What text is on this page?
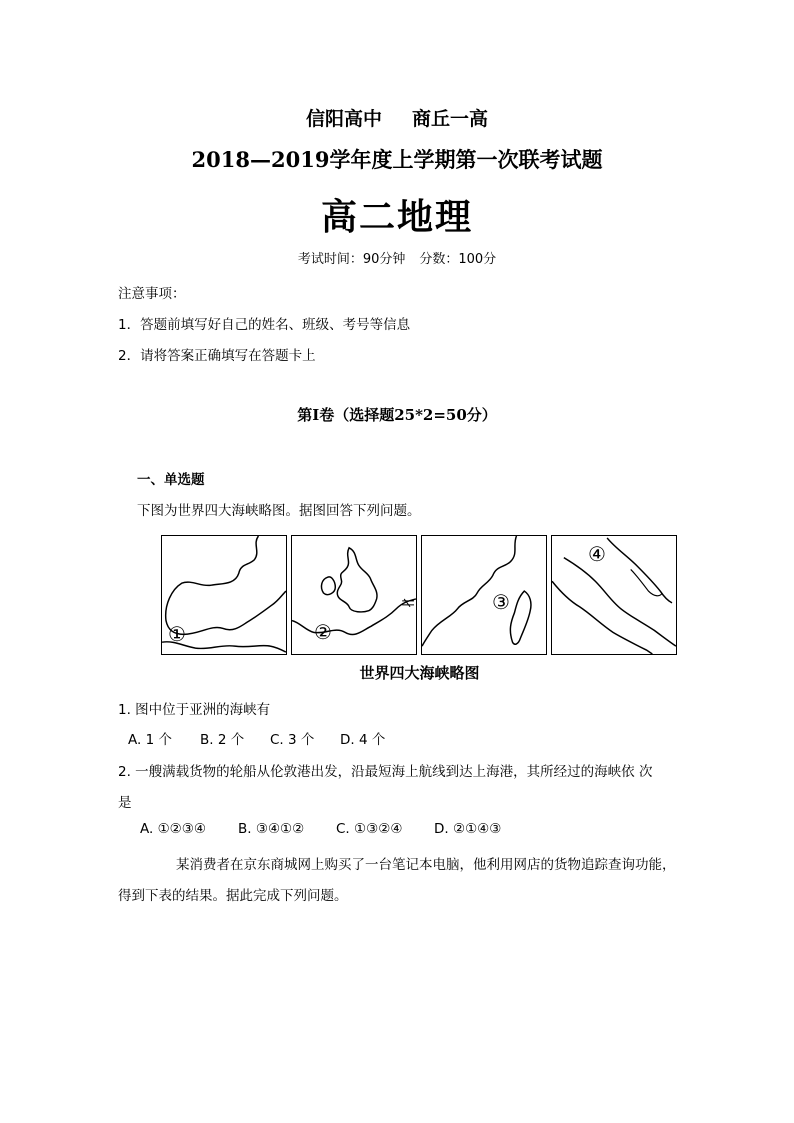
信阳高中 商丘一高
2018—2019学年度上学期第一次联考试题
高二地理
考试时间：90分钟 分数：100分
注意事项：
1．答题前填写好自己的姓名、班级、考号等信息
2．请将答案正确填写在答题卡上
第Ⅰ卷（选择题25*2=50分）
一、单选题
下图为世界四大海峡略图。据图回答下列问题。
①	②
③
④
世界四大海峡略图
1. 图中位于亚洲的海峡有
A. 1 个 B. 2 个 C. 3 个 D. 4 个
2. 一艘满载货物的轮船从伦敦港出发，沿最短海上航线到达上海港，其所经过的海峡依 次
是
A. ①②③④ B. ③④①② C. ①③②④ D. ②①④③
某消费者在京东商城网上购买了一台笔记本电脑，他利用网店的货物追踪查询功能，
得到下表的结果。据此完成下列问题。
